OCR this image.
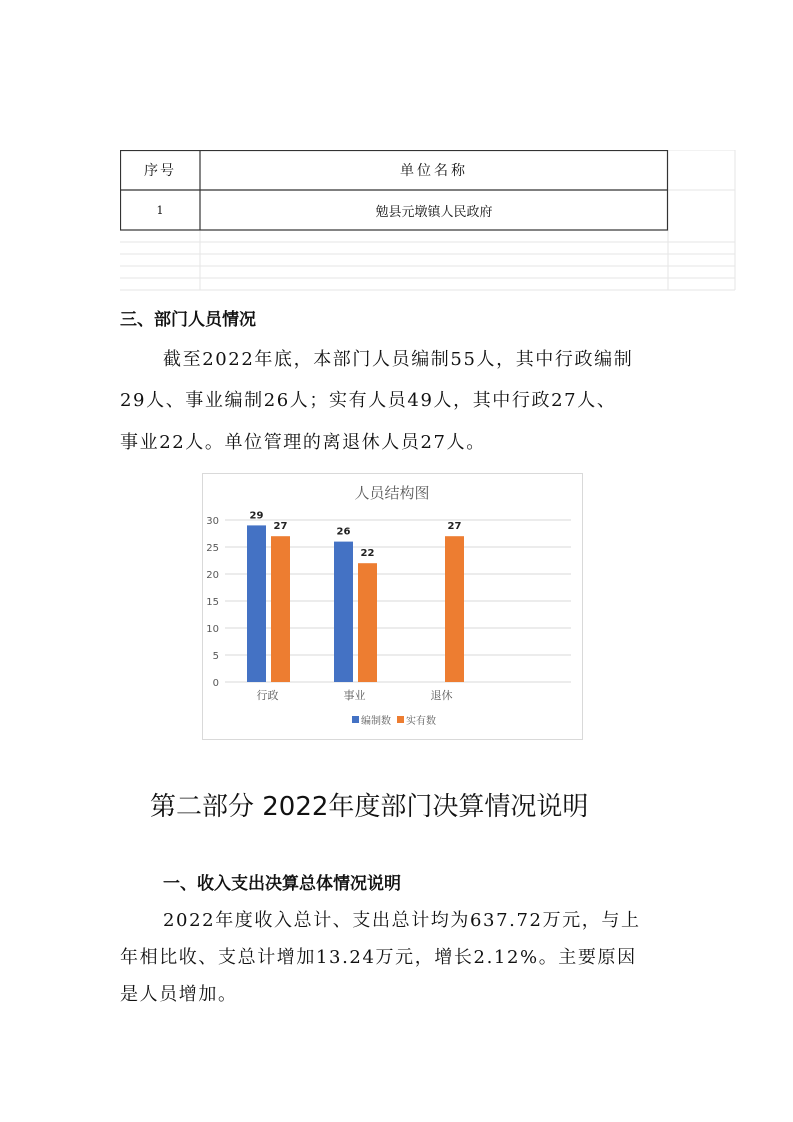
序号	单位名称
1	勉县元墩镇人民政府
三、部门人员情况
截至2022年底，本部门人员编制55人，其中行政编制
29人、事业编制26人；实有人员49人，其中行政27人、
事业22人。单位管理的离退休人员27人。
人员结构图
0
5
10
15
20
25
30
行政	事业	退休
29
27	26
22
27
编制数 实有数
第二部分 2022年度部门决算情况说明
一、收入支出决算总体情况说明
2022年度收入总计、支出总计均为637.72万元，与上
年相比收、支总计增加13.24万元，增长2.12%。主要原因
是人员增加。
